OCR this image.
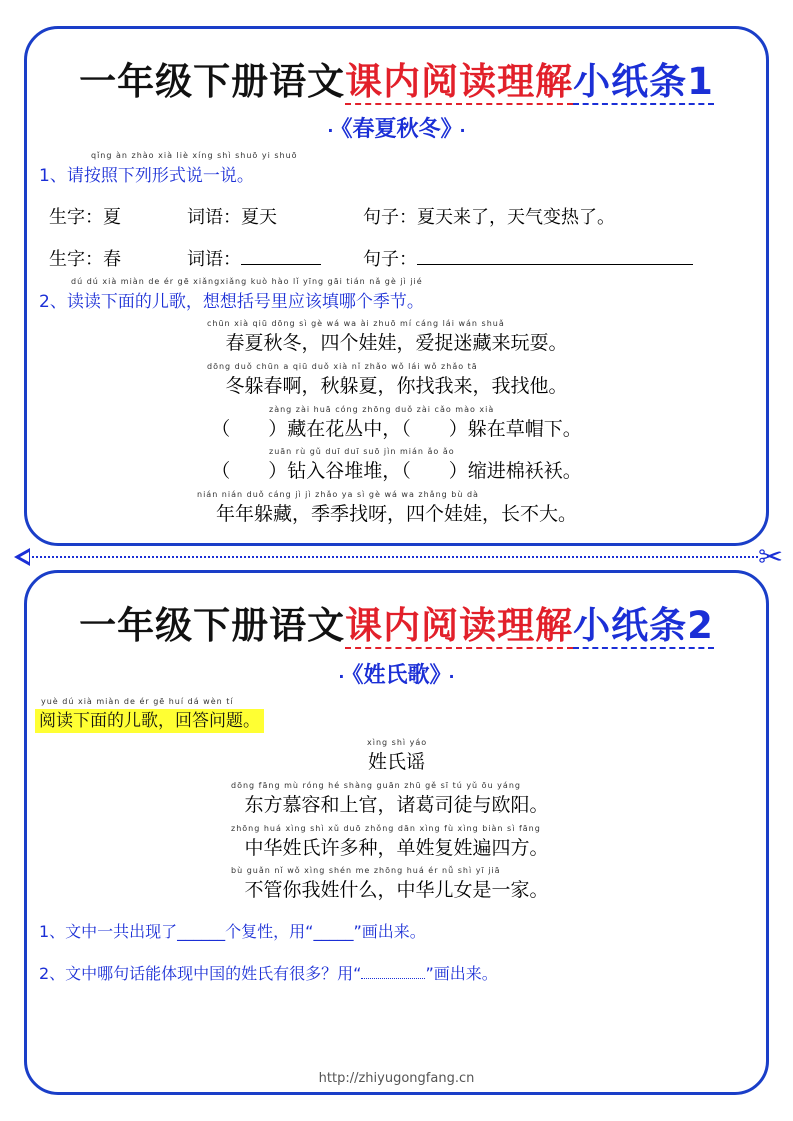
一年级下册语文课内阅读理解小纸条1
· 《春夏秋冬》 ·
qǐng àn zhào xià liè xíng shì shuō yi shuō
1、请按照下列形式说一说。
生字：夏	词语：夏天	句子：夏天来了，天气变热了。
生字：春	词语：	句子：
dú dú xià miàn de ér gē xiǎngxiǎng kuò hào lǐ yīng gāi tián nǎ gè jì jié
2、读读下面的儿歌，想想括号里应该填哪个季节。
chūn xià qiū dōng sì gè wá wa ài zhuō mí cáng lái wán shuǎ
春夏秋冬，四个娃娃，爱捉迷藏来玩耍。
dōng duǒ chūn a qiū duǒ xià nǐ zhǎo wǒ lái wǒ zhǎo tā
冬躲春啊，秋躲夏，你找我来，我找他。
zàng zài huā cóng zhōng duǒ zài cǎo mào xià
（　　）藏在花丛中，（　　）躲在草帽下。
zuān rù gǔ duī duī suō jìn mián ǎo ǎo
（　　）钻入谷堆堆，（　　）缩进棉袄袄。
nián nián duǒ cáng jì jì zhǎo ya sì gè wá wa zhǎng bù dà
年年躲藏，季季找呀，四个娃娃，长不大。
✂
一年级下册语文课内阅读理解小纸条2
· 《姓氏歌》 ·
yuè dú xià miàn de ér gē huí dá wèn tí
阅读下面的儿歌，回答问题。
xìng shì yáo
姓氏谣
dōng fāng mù róng hé shàng guān zhū gě sī tú yǔ ōu yáng
东方慕容和上官，诸葛司徒与欧阳。
zhōng huá xìng shì xǔ duō zhǒng dān xìng fù xìng biàn sì fāng
中华姓氏许多种，单姓复姓遍四方。
bù guǎn nǐ wǒ xìng shén me zhōng huá ér nǚ shì yī jiā
不管你我姓什么，中华儿女是一家。
1、文中一共出现了______个复性，用“_____”画出来。
2、文中哪句话能体现中国的姓氏有很多？用“	”画出来。
http://zhiyugongfang.cn
